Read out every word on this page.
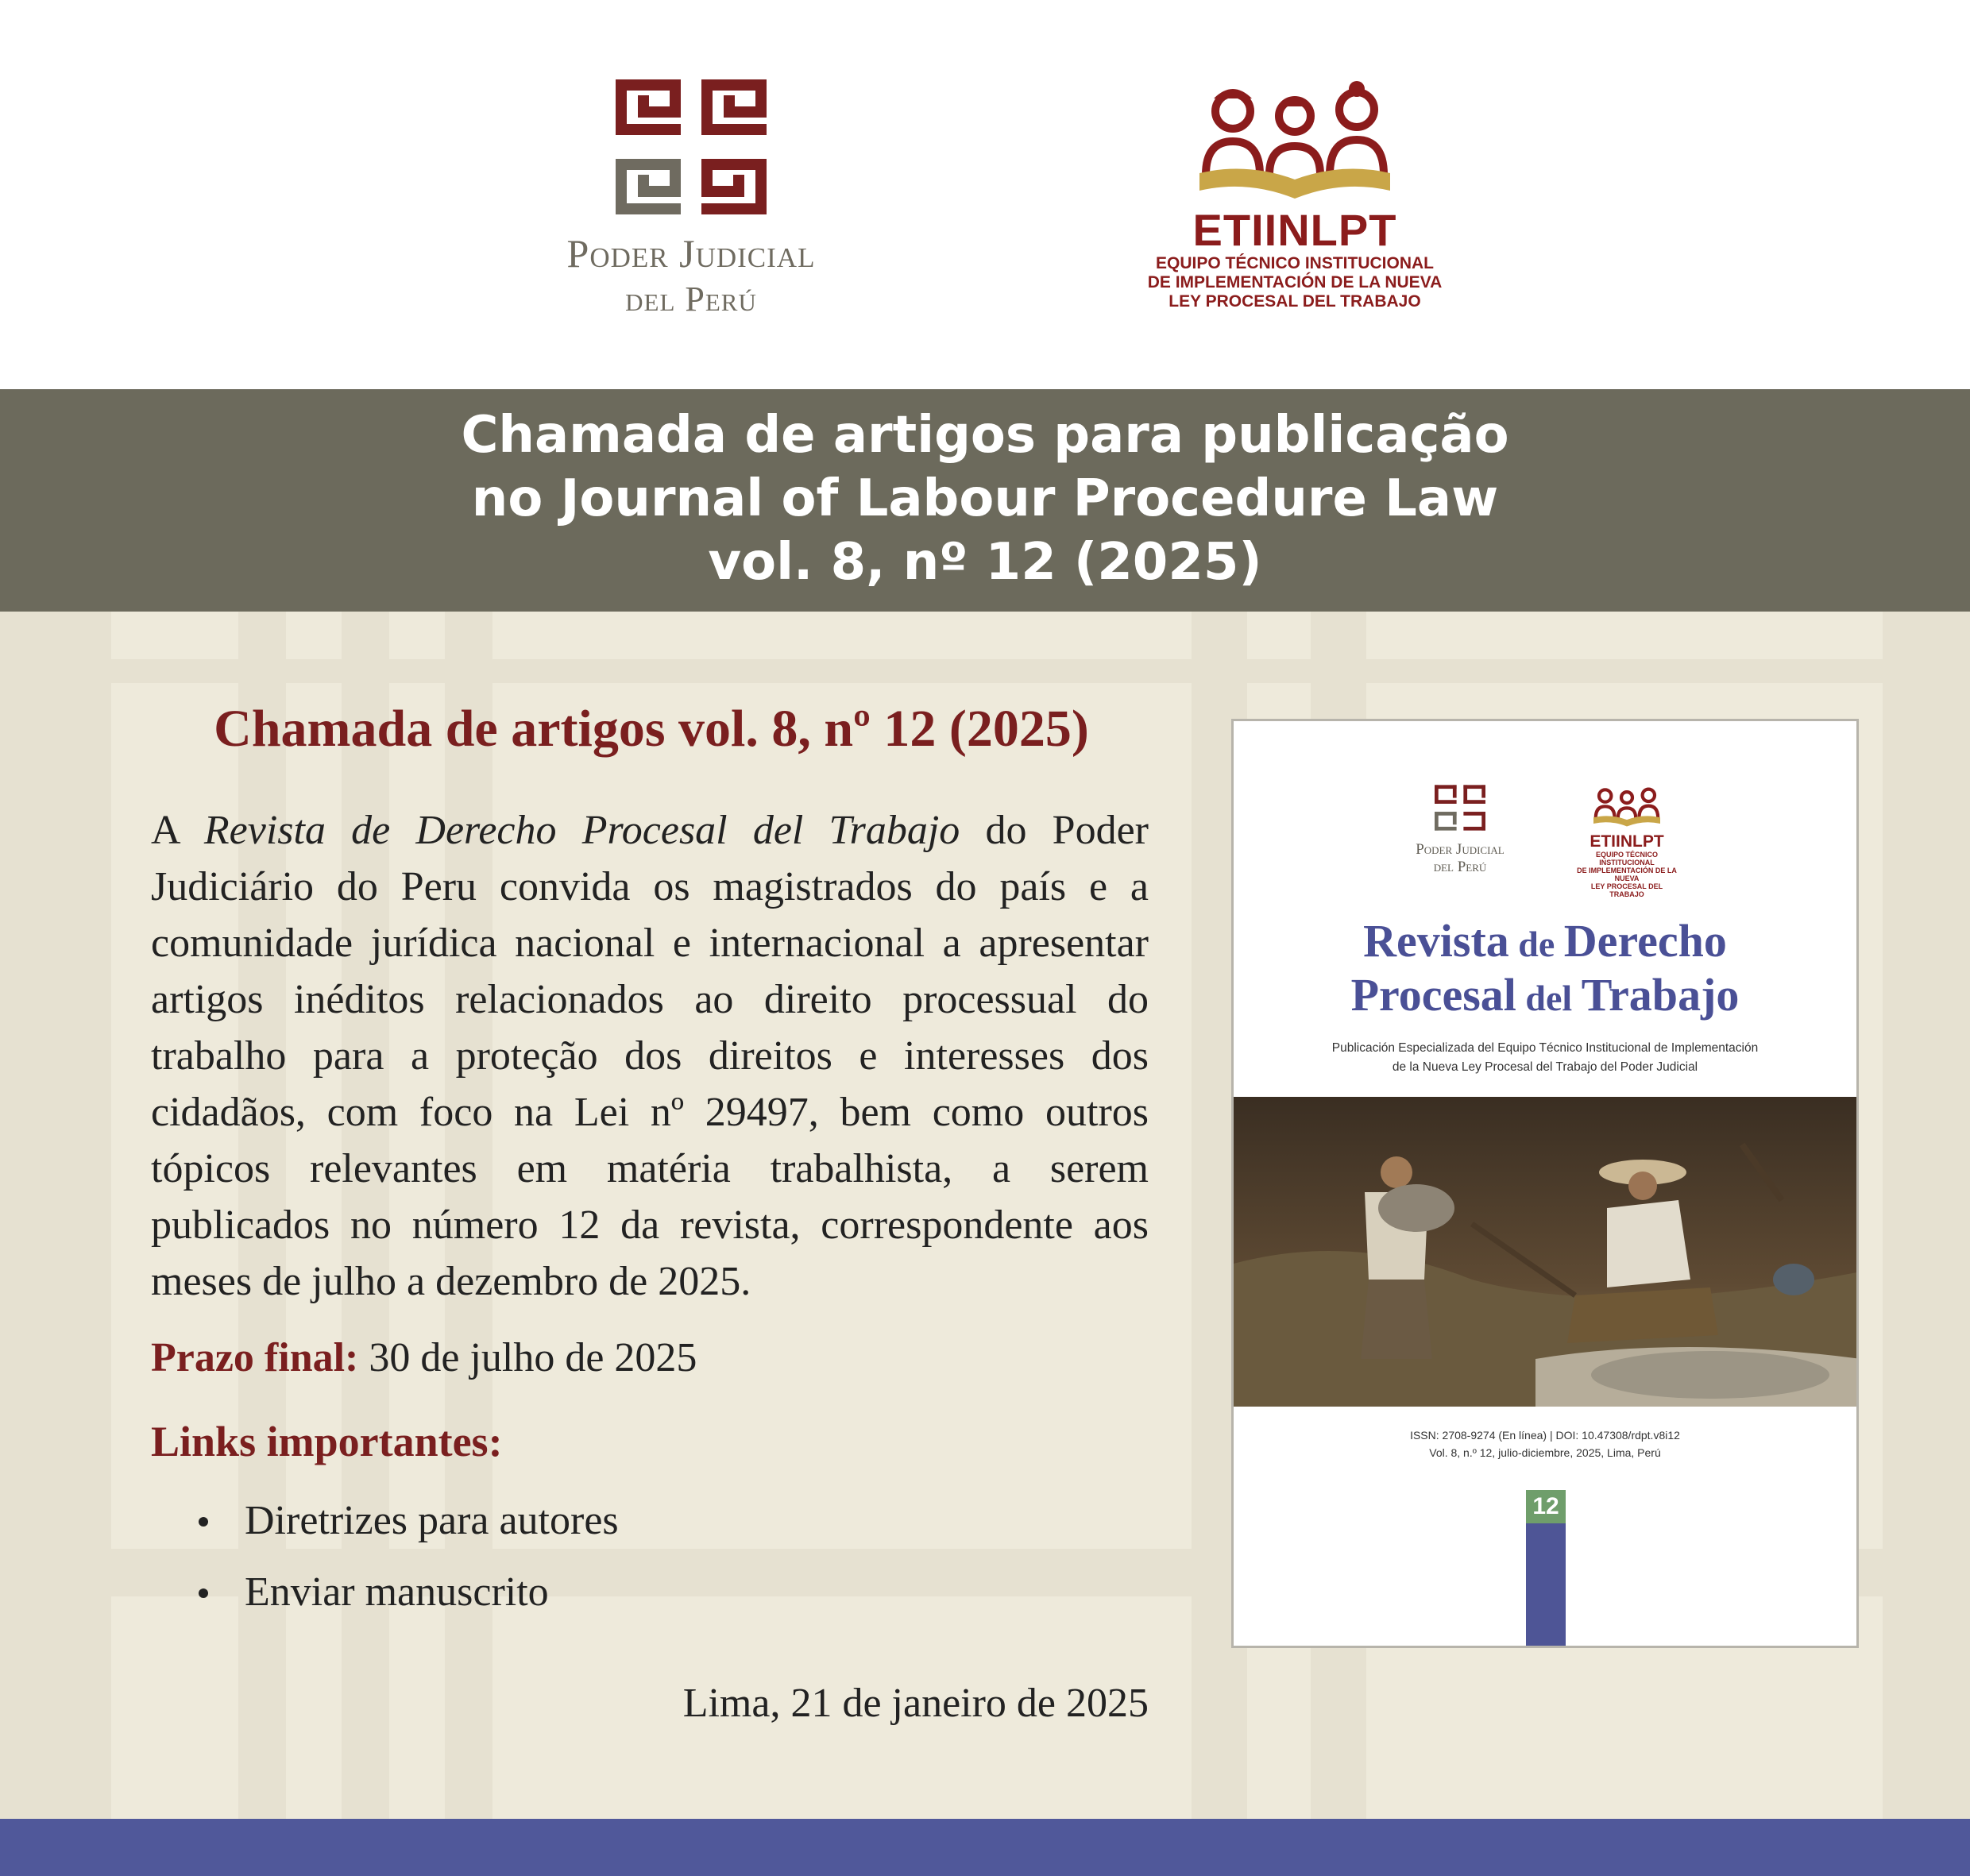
Poder Judicial
del Perú
ETIINLPT
EQUIPO TÉCNICO INSTITUCIONAL
DE IMPLEMENTACIÓN DE LA NUEVA
LEY PROCESAL DEL TRABAJO
Chamada de artigos para publicação
no Journal of Labour Procedure Law
vol. 8, nº 12 (2025)
Chamada de artigos vol. 8, nº 12 (2025)
A Revista de Derecho Procesal del Trabajo do Poder Judiciário do Peru convida os magistrados do país e a comunidade jurídica nacional e internacional a apresentar artigos inéditos relacionados ao direito processual do trabalho para a proteção dos direitos e interesses dos cidadãos, com foco na Lei nº 29497, bem como outros tópicos relevantes em matéria trabalhista, a serem publicados no número 12 da revista, correspondente aos meses de julho a dezembro de 2025.
Prazo final: 30 de julho de 2025
Links importantes:
Diretrizes para autores
Enviar manuscrito
Lima, 21 de janeiro de 2025
Poder Judicial
del Perú
ETIINLPT
EQUIPO TÉCNICO INSTITUCIONAL
DE IMPLEMENTACIÓN DE LA NUEVA
LEY PROCESAL DEL TRABAJO
Revista de Derecho
Procesal del Trabajo
Publicación Especializada del Equipo Técnico Institucional de Implementación
de la Nueva Ley Procesal del Trabajo del Poder Judicial
ISSN: 2708-9274 (En línea) | DOI: 10.47308/rdpt.v8i12
Vol. 8, n.º 12, julio-diciembre, 2025, Lima, Perú
12
